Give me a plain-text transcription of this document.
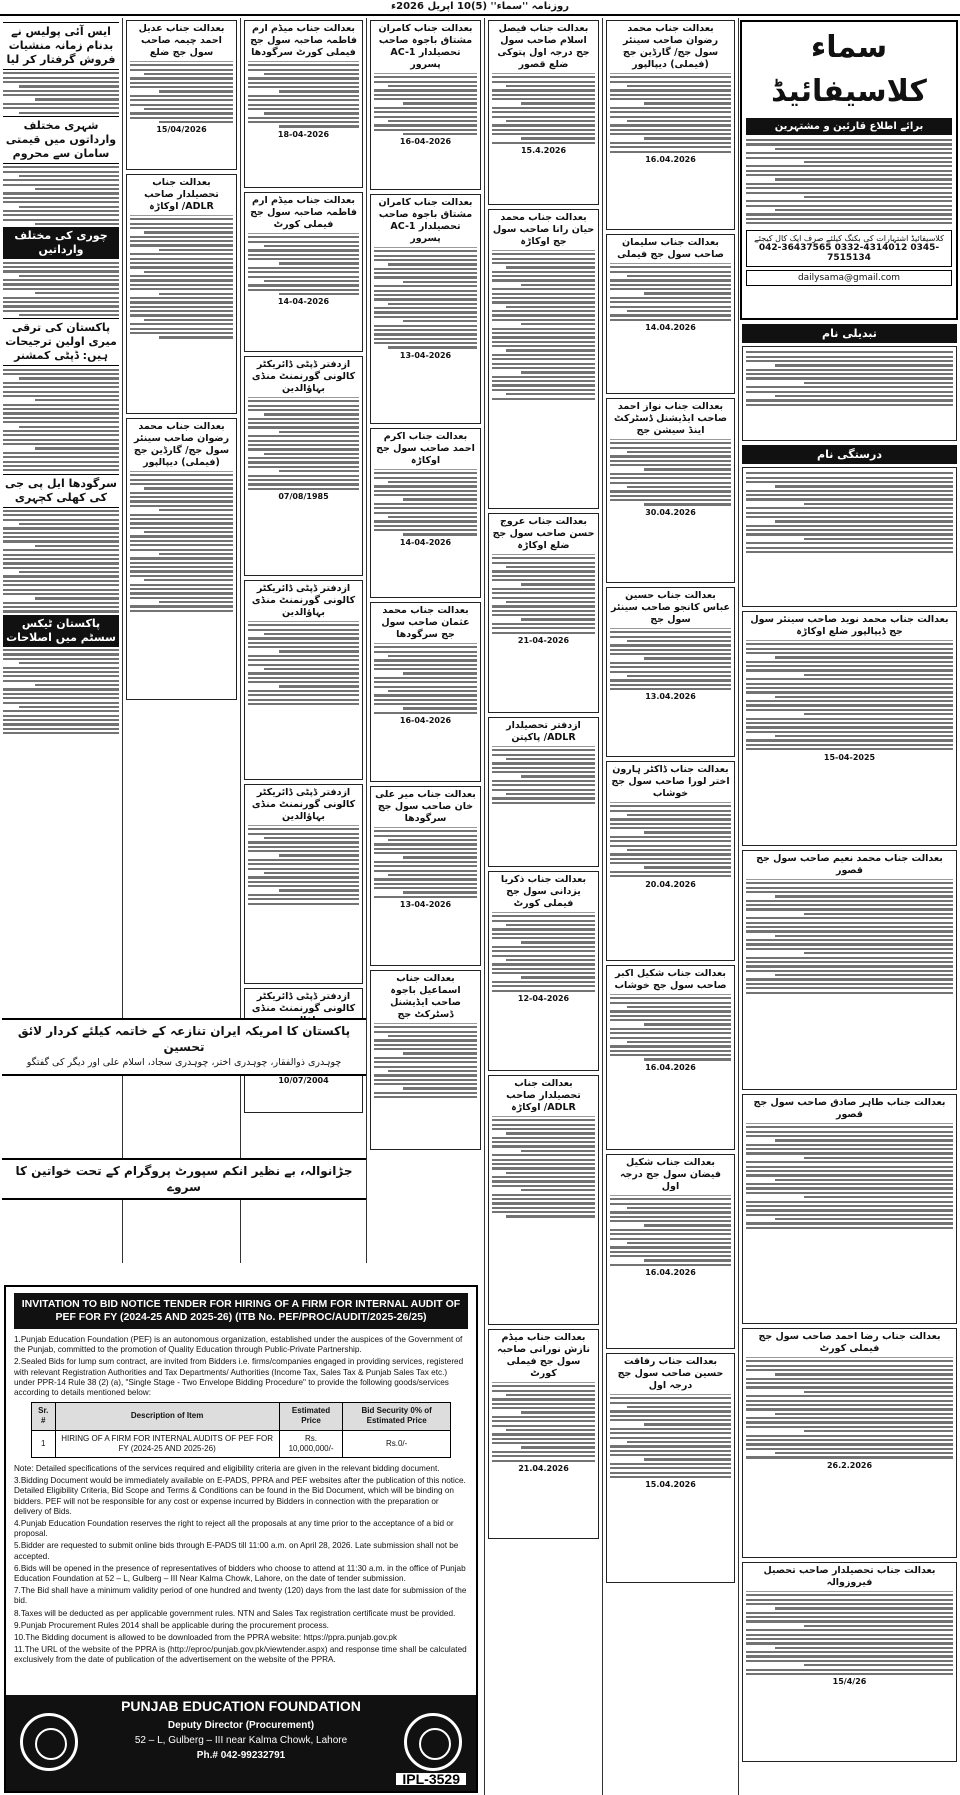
روزنامہ ''سماء'' (5)10 اپریل 2026ء
ایس آئی پولیس نے بدنام زمانہ منشیات فروش گرفتار کر لیا
شہری مختلف وارداتوں میں قیمتی سامان سے محروم
چوری کی مختلف وارداتیں
پاکستان کی ترقی میری اولین ترجیحات ہیں: ڈپٹی کمشنر
سرگودھا ایل پی جی کی کھلی کچہری
پاکستان ٹیکس سسٹم میں اصلاحات
بعدالت جناب عدیل احمد چیمہ صاحب سول جج ضلع
15/04/2026
بعدالت جناب تحصیلدار صاحب ADLR/ اوکاڑہ
بعدالت جناب محمد رضوان صاحب سینئر سول جج/ گارڈین جج (فیملی) دیپالپور
بعدالت جناب میڈم ارم فاطمہ صاحبہ سول جج فیملی کورٹ سرگودھا
18-04-2026
بعدالت جناب میڈم ارم فاطمہ صاحبہ سول جج فیملی کورٹ
14-04-2026
ازدفتر ڈپٹی ڈائریکٹر کالونی گورنمنٹ منڈی بہاؤالدین
07/08/1985
ازدفتر ڈپٹی ڈائریکٹر کالونی گورنمنٹ منڈی بہاؤالدین
ازدفتر ڈپٹی ڈائریکٹر کالونی گورنمنٹ منڈی بہاؤالدین
ازدفتر ڈپٹی ڈائریکٹر کالونی گورنمنٹ منڈی
10/07/2004
بعدالت جناب کامران مشتاق باجوہ صاحب تحصیلدار AC-1 پسرور
16-04-2026
بعدالت جناب کامران مشتاق باجوہ صاحب تحصیلدار AC-1 پسرور
13-04-2026
بعدالت جناب اکرم احمد صاحب سول جج اوکاڑہ
14-04-2026
بعدالت جناب محمد عثمان صاحب سول جج سرگودھا
16-04-2026
بعدالت جناب میر علی خان صاحب سول جج سرگودھا
13-04-2026
بعدالت جناب اسماعیل باجوہ صاحب ایڈیشنل ڈسٹرکٹ جج
بعدالت جناب فیصل اسلام صاحب سول جج درجہ اول پتوکی ضلع قصور
15.4.2026
بعدالت جناب محمد حیان رانا صاحب سول جج اوکاڑہ
بعدالت جناب عروج حسن صاحب سول جج ضلع اوکاڑہ
21-04-2026
ازدفتر تحصیلدار ADLR/ پاکپتن
بعدالت جناب ذکریا یزدانی سول جج فیملی کورٹ
12-04-2026
بعدالت جناب تحصیلدار صاحب ADLR/ اوکاڑہ
بعدالت جناب میڈم نازش نورانی صاحبہ سول جج فیملی کورٹ
21.04.2026
بعدالت جناب محمد رضوان صاحب سینئر سول جج/ گارڈین جج (فیملی) دیپالپور
16.04.2026
بعدالت جناب سلیمان صاحب سول جج فیملی
14.04.2026
بعدالت جناب نواز احمد صاحب ایڈیشنل ڈسٹرکٹ اینڈ سیشن جج
30.04.2026
بعدالت جناب حسین عباس کانجو صاحب سینئر سول جج
13.04.2026
بعدالت جناب ڈاکٹر ہارون اختر لورا صاحب سول جج خوشاب
20.04.2026
بعدالت جناب شکیل اکبر صاحب سول جج خوشاب
16.04.2026
بعدالت جناب شکیل فیضان سول جج درجہ اول
16.04.2026
بعدالت جناب رفاقت حسین صاحب سول جج درجہ اول
15.04.2026
تبدیلی نام
درستگی نام
بعدالت جناب محمد نوید صاحب سینئر سول جج ڈیپالپور ضلع اوکاڑہ
15-04-2025
بعدالت جناب محمد نعیم صاحب سول جج قصور
بعدالت جناب طاہر صادق صاحب سول جج قصور
بعدالت جناب رضا احمد صاحب سول جج فیملی کورٹ
26.2.2026
بعدالت جناب تحصیلدار صاحب تحصیل فیروزوالہ
15/4/26
سماء کلاسیفائیڈ
برائے اطلاع قارئین و مشتہرین
کلاسیفائیڈ اشتہارات کی بکنگ کیلئے صرف ایک کال کیجئے
042-36437565 0332-4314012 0345-7515134
dailysama@gmail.com
پاکستان کا امریکہ ایران تنازعہ کے خاتمہ کیلئے کردار لائق تحسین
چوہدری ذوالفقار، چوہدری اختر، چوہدری سجاد، اسلام علی اور دیگر کی گفتگو
جڑانوالہ، بے نظیر انکم سپورٹ پروگرام کے تحت خواتین کا سروے
INVITATION TO BID NOTICE TENDER FOR HIRING OF A FIRM FOR INTERNAL AUDIT OF PEF FOR FY (2024-25 AND 2025-26) (ITB No. PEF/PROC/AUDIT/2025-26/25)

1.Punjab Education Foundation (PEF) is an autonomous organization, established under the auspices of the Government of the Punjab, committed to the promotion of Quality Education through Public-Private Partnership.

2.Sealed Bids for lump sum contract, are invited from Bidders i.e. firms/companies engaged in providing services, registered with relevant Registration Authorities and Tax Departments/ Authorities (Income Tax, Sales Tax & Punjab Sales Tax etc.) under PPR-14 Rule 38 (2) (a), "Single Stage - Two Envelope Bidding Procedure" to provide the following goods/services according to details mentioned below:

Sr. #	Description of Item	Estimated Price	Bid Security 0% of Estimated Price
1	HIRING OF A FIRM FOR INTERNAL AUDITS OF PEF FOR FY (2024-25 AND 2025-26)	Rs. 10,000,000/-	Rs.0/-

Note: Detailed specifications of the services required and eligibility criteria are given in the relevant bidding document.

3.Bidding Document would be immediately available on E-PADS, PPRA and PEF websites after the publication of this notice. Detailed Eligibility Criteria, Bid Scope and Terms & Conditions can be found in the Bid Document, which will be binding on bidders. PEF will not be responsible for any cost or expense incurred by Bidders in connection with the preparation or delivery of Bids.

4.Punjab Education Foundation reserves the right to reject all the proposals at any time prior to the acceptance of a bid or proposal.

5.Bidder are requested to submit online bids through E-PADS till 11:00 a.m. on April 28, 2026. Late submission shall not be accepted.

6.Bids will be opened in the presence of representatives of bidders who choose to attend at 11:30 a.m. in the office of Punjab Education Foundation at 52 – L, Gulberg – III Near Kalma Chowk, Lahore, on the date of tender submission.

7.The Bid shall have a minimum validity period of one hundred and twenty (120) days from the last date for submission of the bid.

8.Taxes will be deducted as per applicable government rules. NTN and Sales Tax registration certificate must be provided.

9.Punjab Procurement Rules 2014 shall be applicable during the procurement process.

10.The Bidding document is allowed to be downloaded from the PPRA website: https://ppra.punjab.gov.pk

11.The URL of the website of the PPRA is (http://eproc/punjab.gov.pk/viewtender.aspx) and response time shall be calculated exclusively from the date of publication of the advertisement on the website of the PPRA.

PUNJAB EDUCATION FOUNDATION
Deputy Director (Procurement)
52 – L, Gulberg – III near Kalma Chowk, Lahore
Ph.# 042-99232791
IPL-3529
